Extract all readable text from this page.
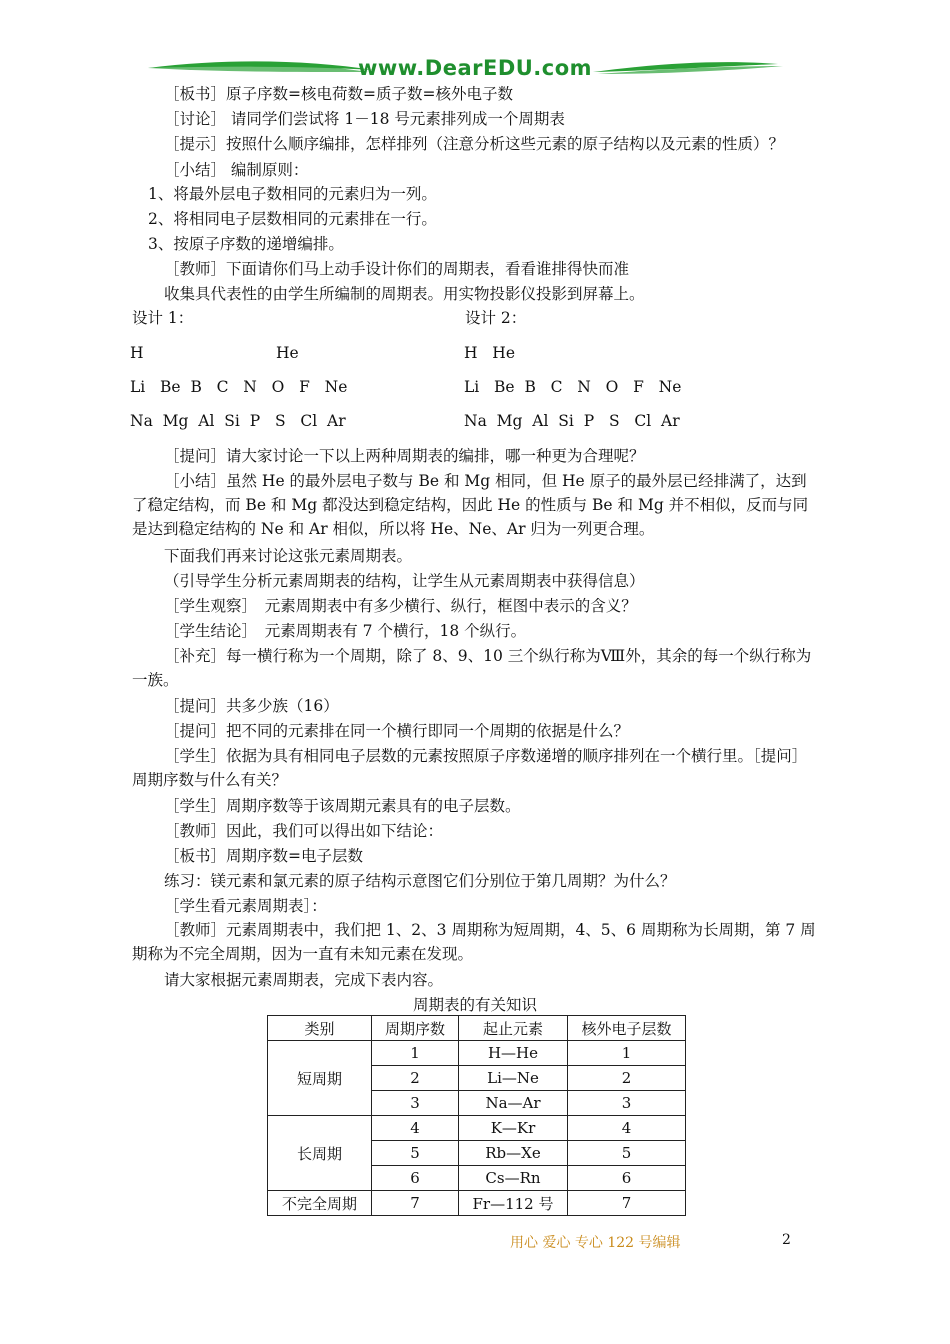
www.DearEDU.com
［板书］原子序数=核电荷数=质子数=核外电子数
［讨论］ 请同学们尝试将 1－18 号元素排列成一个周期表
［提示］按照什么顺序编排，怎样排列（注意分析这些元素的原子结构以及元素的性质）？
［小结］ 编制原则：
1、将最外层电子数相同的元素归为一列。
2、将相同电子层数相同的元素排在一行。
3、按原子序数的递增编排。
［教师］下面请你们马上动手设计你们的周期表，看看谁排得快而准
收集具代表性的由学生所编制的周期表。用实物投影仪投影到屏幕上。
设计 1：	设计 2：
H	He
Li   Be  B   C   N   O   F   Ne
Na  Mg  Al  Si  P   S   Cl  Ar
H   He
Li   Be  B   C   N   O   F   Ne
Na  Mg  Al  Si  P   S   Cl  Ar
［提问］请大家讨论一下以上两种周期表的编排，哪一种更为合理呢？
［小结］虽然 He 的最外层电子数与 Be 和 Mg 相同，但 He 原子的最外层已经排满了，达到了稳定结构，而 Be 和 Mg 都没达到稳定结构，因此 He 的性质与 Be 和 Mg 并不相似，反而与同是达到稳定结构的 Ne 和 Ar 相似，所以将 He、Ne、Ar 归为一列更合理。
下面我们再来讨论这张元素周期表。
（引导学生分析元素周期表的结构，让学生从元素周期表中获得信息）
［学生观察］　元素周期表中有多少横行、纵行，框图中表示的含义？
［学生结论］　元素周期表有 7 个横行，18 个纵行。
［补充］每一横行称为一个周期，除了 8、9、10 三个纵行称为Ⅷ外，其余的每一个纵行称为一族。
［提问］共多少族（16）
［提问］把不同的元素排在同一个横行即同一个周期的依据是什么？
［学生］依据为具有相同电子层数的元素按照原子序数递增的顺序排列在一个横行里。［提问］周期序数与什么有关？
［学生］周期序数等于该周期元素具有的电子层数。
［教师］因此，我们可以得出如下结论：
［板书］周期序数=电子层数
练习：镁元素和氯元素的原子结构示意图它们分别位于第几周期？为什么？
［学生看元素周期表］：
［教师］元素周期表中，我们把 1、2、3 周期称为短周期，4、5、6 周期称为长周期，第 7 周期称为不完全周期，因为一直有未知元素在发现。
请大家根据元素周期表，完成下表内容。
周期表的有关知识
类别	周期序数	起止元素	核外电子层数
短周期	1	H—He	1
	2	Li—Ne	2
	3	Na—Ar	3
长周期	4	K—Kr	4
	5	Rb—Xe	5
	6	Cs—Rn	6
不完全周期	7	Fr—112 号	7
用心 爱心 专心 122 号编辑	2
